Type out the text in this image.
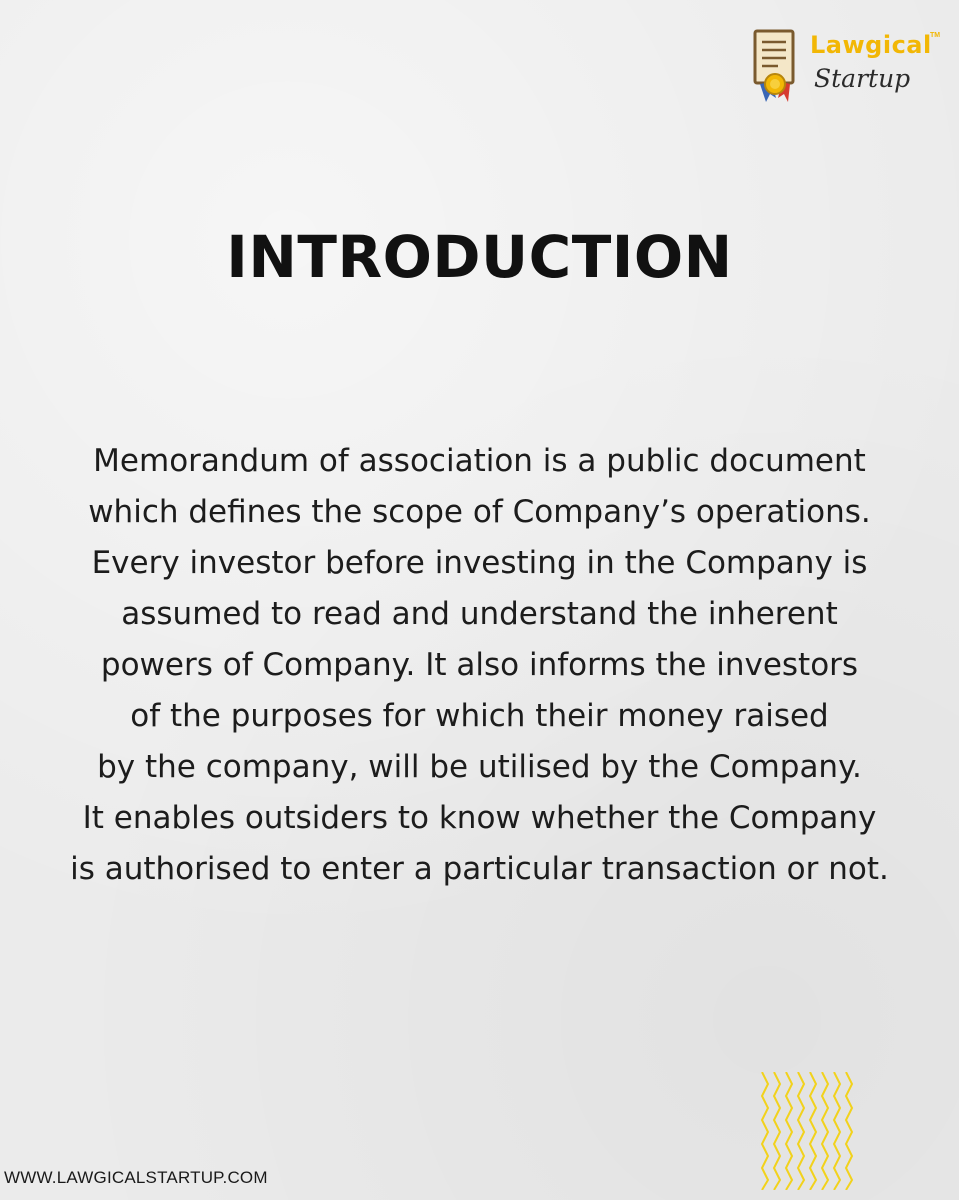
Lawgical
TM
Startup
INTRODUCTION
Memorandum of association is a public document
which defines the scope of Company’s operations.
Every investor before investing in the Company is
assumed to read and understand the inherent
powers of Company. It also informs the investors
of the purposes for which their money raised
by the company, will be utilised by the Company.
It enables outsiders to know whether the Company
is authorised to enter a particular transaction or not.
WWW.LAWGICALSTARTUP.COM
